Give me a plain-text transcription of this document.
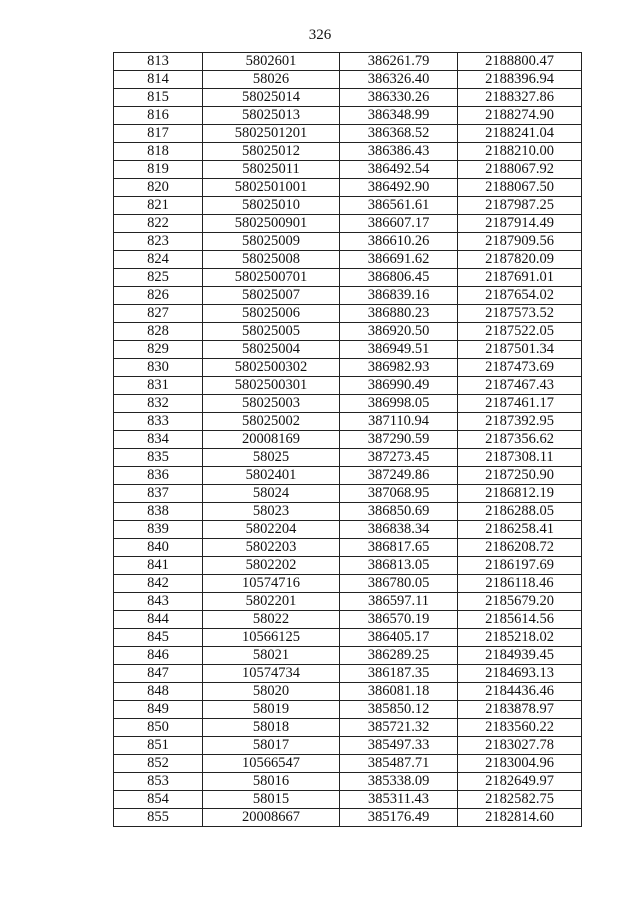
326
813	5802601	386261.79	2188800.47
814	58026	386326.40	2188396.94
815	58025014	386330.26	2188327.86
816	58025013	386348.99	2188274.90
817	5802501201	386368.52	2188241.04
818	58025012	386386.43	2188210.00
819	58025011	386492.54	2188067.92
820	5802501001	386492.90	2188067.50
821	58025010	386561.61	2187987.25
822	5802500901	386607.17	2187914.49
823	58025009	386610.26	2187909.56
824	58025008	386691.62	2187820.09
825	5802500701	386806.45	2187691.01
826	58025007	386839.16	2187654.02
827	58025006	386880.23	2187573.52
828	58025005	386920.50	2187522.05
829	58025004	386949.51	2187501.34
830	5802500302	386982.93	2187473.69
831	5802500301	386990.49	2187467.43
832	58025003	386998.05	2187461.17
833	58025002	387110.94	2187392.95
834	20008169	387290.59	2187356.62
835	58025	387273.45	2187308.11
836	5802401	387249.86	2187250.90
837	58024	387068.95	2186812.19
838	58023	386850.69	2186288.05
839	5802204	386838.34	2186258.41
840	5802203	386817.65	2186208.72
841	5802202	386813.05	2186197.69
842	10574716	386780.05	2186118.46
843	5802201	386597.11	2185679.20
844	58022	386570.19	2185614.56
845	10566125	386405.17	2185218.02
846	58021	386289.25	2184939.45
847	10574734	386187.35	2184693.13
848	58020	386081.18	2184436.46
849	58019	385850.12	2183878.97
850	58018	385721.32	2183560.22
851	58017	385497.33	2183027.78
852	10566547	385487.71	2183004.96
853	58016	385338.09	2182649.97
854	58015	385311.43	2182582.75
855	20008667	385176.49	2182814.60
